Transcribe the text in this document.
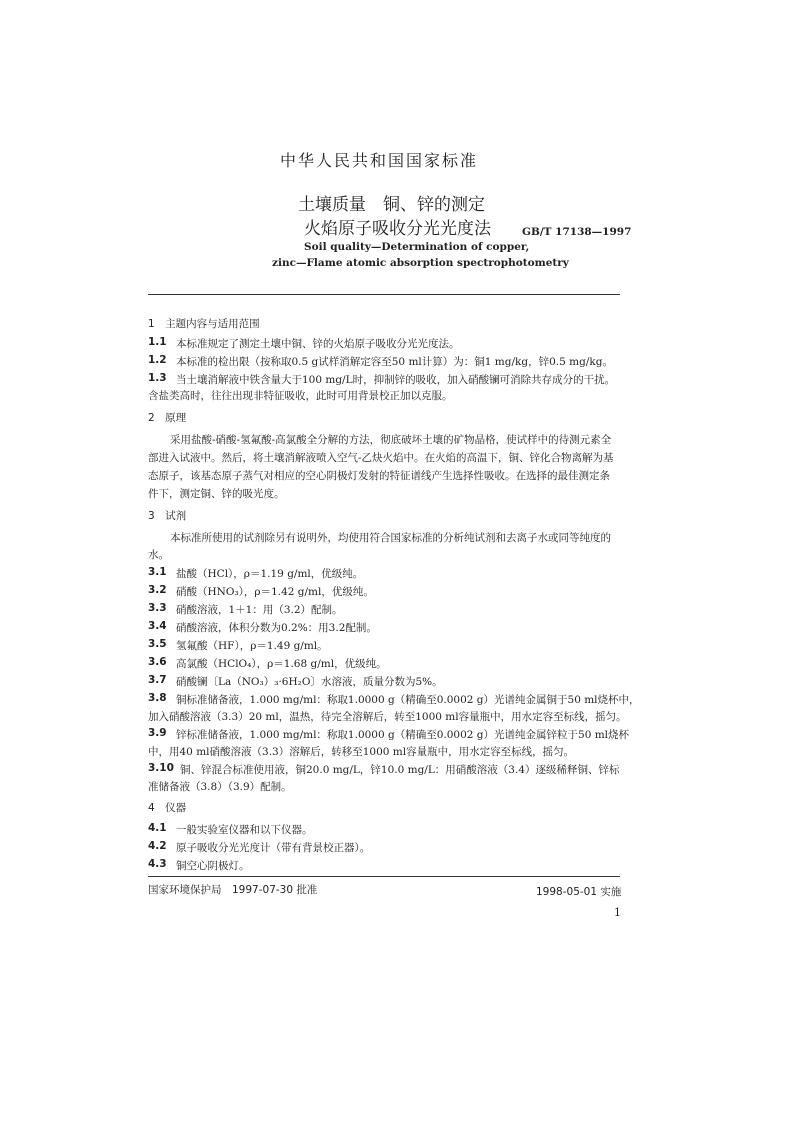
中华人民共和国国家标准
土壤质量　铜、锌的测定
火焰原子吸收分光光度法	GB/T 17138—1997
Soil quality—Determination of copper,
zinc—Flame atomic absorption spectrophotometry
1　主题内容与适用范围
1.1 本标准规定了测定土壤中铜、锌的火焰原子吸收分光光度法。
1.2 本标准的检出限（按称取0.5 g试样消解定容至50 ml计算）为：铜1 mg/kg，锌0.5 mg/kg。
1.3 当土壤消解液中铁含量大于100 mg/L时，抑制锌的吸收，加入硝酸镧可消除共存成分的干扰。
含盐类高时，往往出现非特征吸收，此时可用背景校正加以克服。
2　原理
采用盐酸-硝酸-氢氟酸-高氯酸全分解的方法，彻底破坏土壤的矿物晶格，使试样中的待测元素全
部进入试液中。然后，将土壤消解液喷入空气-乙炔火焰中。在火焰的高温下，铜、锌化合物离解为基
态原子，该基态原子蒸气对相应的空心阴极灯发射的特征谱线产生选择性吸收。在选择的最佳测定条
件下，测定铜、锌的吸光度。
3　试剂
本标准所使用的试剂除另有说明外，均使用符合国家标准的分析纯试剂和去离子水或同等纯度的
水。
3.1 盐酸（HCl），ρ＝1.19 g/ml，优级纯。
3.2 硝酸（HNO₃），ρ＝1.42 g/ml，优级纯。
3.3 硝酸溶液，1＋1：用（3.2）配制。
3.4 硝酸溶液，体积分数为0.2%：用3.2配制。
3.5 氢氟酸（HF），ρ＝1.49 g/ml。
3.6 高氯酸（HClO₄），ρ＝1.68 g/ml，优级纯。
3.7 硝酸镧〔La（NO₃）₃·6H₂O〕水溶液，质量分数为5%。
3.8 铜标准储备液，1.000 mg/ml：称取1.0000 g（精确至0.0002 g）光谱纯金属铜于50 ml烧杯中，
加入硝酸溶液（3.3）20 ml，温热，待完全溶解后，转至1000 ml容量瓶中，用水定容至标线，摇匀。
3.9 锌标准储备液，1.000 mg/ml：称取1.0000 g（精确至0.0002 g）光谱纯金属锌粒于50 ml烧杯
中，用40 ml硝酸溶液（3.3）溶解后，转移至1000 ml容量瓶中，用水定容至标线，摇匀。
3.10 铜、锌混合标准使用液，铜20.0 mg/L，锌10.0 mg/L：用硝酸溶液（3.4）逐级稀释铜、锌标
准储备液（3.8）（3.9）配制。
4　仪器
4.1 一般实验室仪器和以下仪器。
4.2 原子吸收分光光度计（带有背景校正器）。
4.3 铜空心阴极灯。
国家环境保护局　1997-07-30 批准	1998-05-01 实施
1
